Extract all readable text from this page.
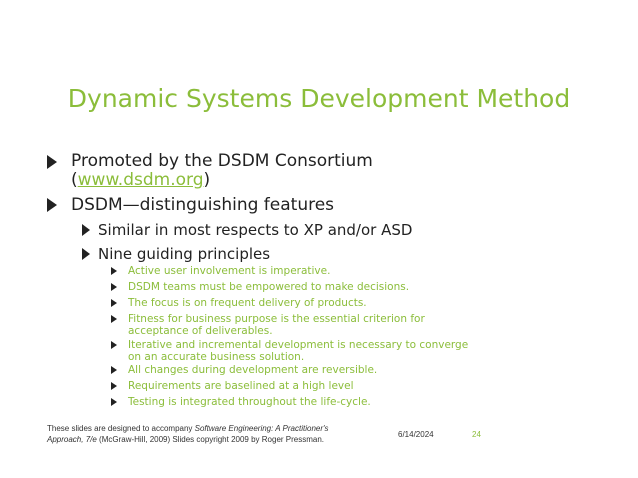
Dynamic Systems Development Method
Promoted by the DSDM Consortium
(www.dsdm.org)
DSDM—distinguishing features
Similar in most respects to XP and/or ASD
Nine guiding principles
Active user involvement is imperative.
DSDM teams must be empowered to make decisions.
The focus is on frequent delivery of products.
Fitness for business purpose is the essential criterion for acceptance of deliverables.
Iterative and incremental development is necessary to converge on an accurate business solution.
All changes during development are reversible.
Requirements are baselined at a high level
Testing is integrated throughout the life-cycle.
These slides are designed to accompany Software Engineering: A Practitioner's Approach, 7/e (McGraw-Hill, 2009) Slides copyright 2009 by Roger Pressman.
6/14/2024	24
